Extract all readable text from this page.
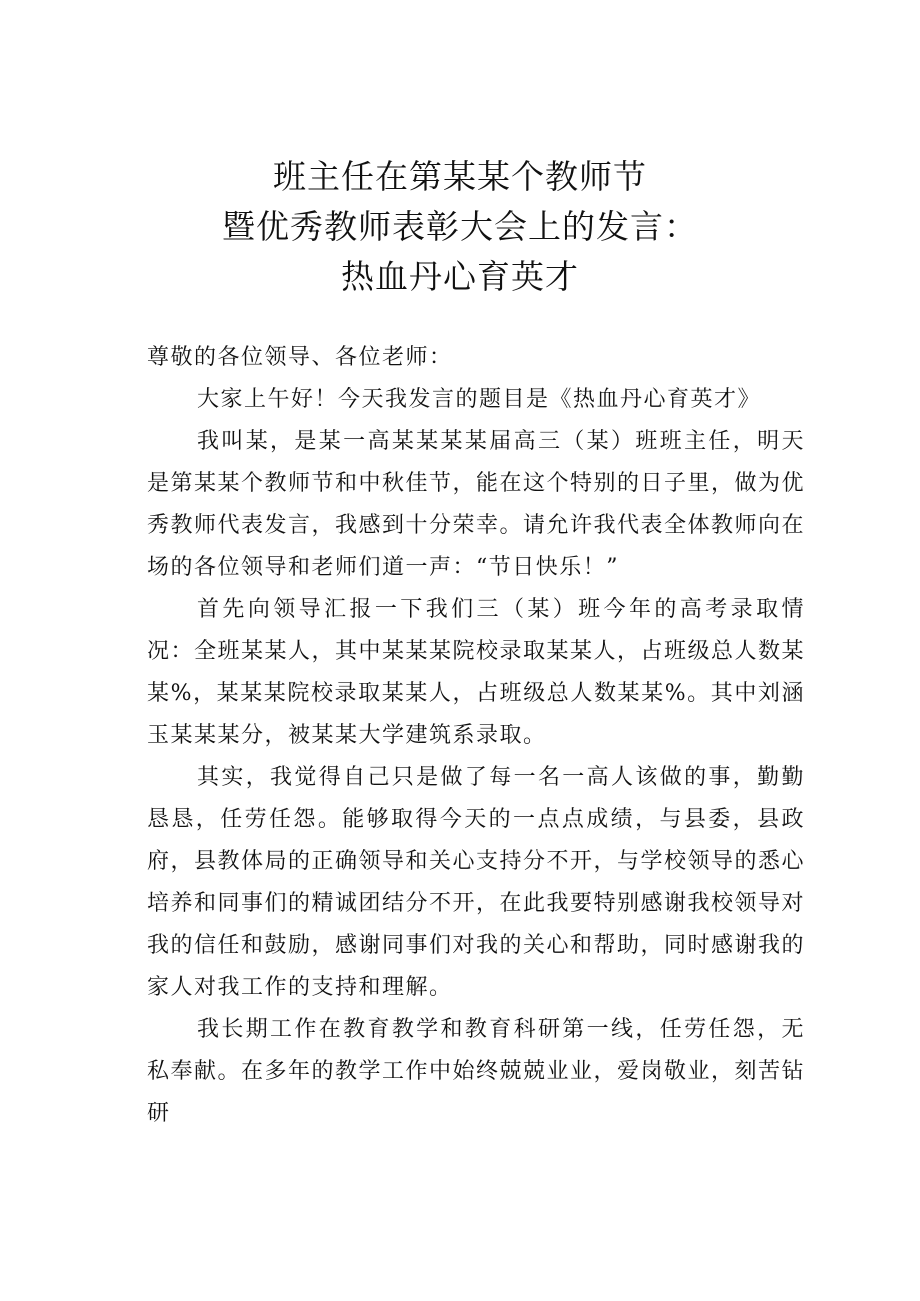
班主任在第某某个教师节
暨优秀教师表彰大会上的发言：
热血丹心育英才

尊敬的各位领导、各位老师：

大家上午好！今天我发言的题目是《热血丹心育英才》

我叫某，是某一高某某某某届高三（某）班班主任，明天是第某某个教师节和中秋佳节，能在这个特别的日子里，做为优秀教师代表发言，我感到十分荣幸。请允许我代表全体教师向在场的各位领导和老师们道一声：“节日快乐！”

首先向领导汇报一下我们三（某）班今年的高考录取情况：全班某某人，其中某某某院校录取某某人，占班级总人数某某%，某某某院校录取某某人，占班级总人数某某%。其中刘涵玉某某某分，被某某大学建筑系录取。

其实，我觉得自己只是做了每一名一高人该做的事，勤勤恳恳，任劳任怨。能够取得今天的一点点成绩，与县委，县政府，县教体局的正确领导和关心支持分不开，与学校领导的悉心培养和同事们的精诚团结分不开，在此我要特别感谢我校领导对我的信任和鼓励，感谢同事们对我的关心和帮助，同时感谢我的家人对我工作的支持和理解。

我长期工作在教育教学和教育科研第一线，任劳任怨，无私奉献。在多年的教学工作中始终兢兢业业，爱岗敬业，刻苦钻研
